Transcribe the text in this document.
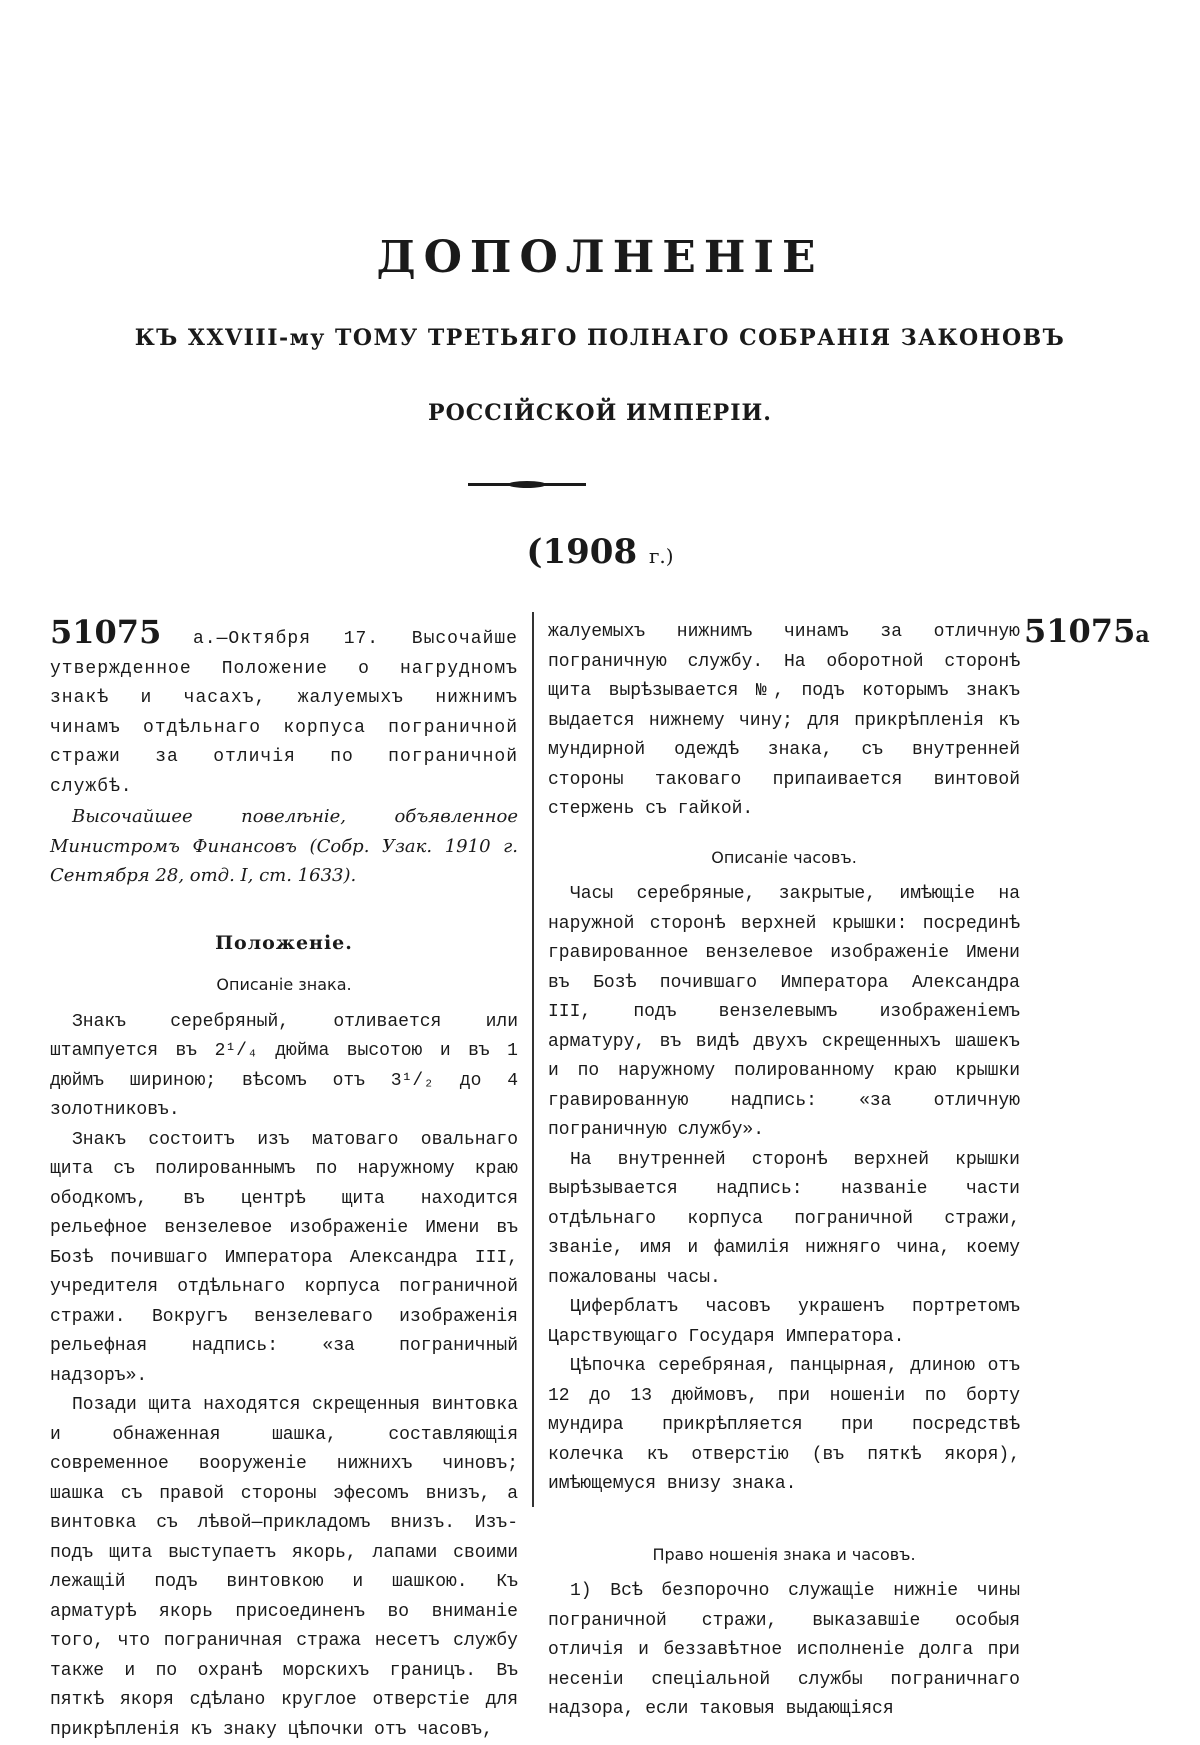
ДОПОЛНЕНІЕ
КЪ XXVIII-му ТОМУ ТРЕТЬЯГО ПОЛНАГО СОБРАНІЯ ЗАКОНОВЪ
РОССІЙСКОЙ ИМПЕРІИ.
(1908 г.)
51075а

51075 а.—Октября 17. Высочайше утвержденное Положение о нагрудномъ знакѣ и часахъ, жалуемыхъ нижнимъ чинамъ отдѣльнаго корпуса пограничной стражи за отличія по пограничной службѣ.

Высочайшее повелѣніе, объявленное Министромъ Финансовъ (Собр. Узак. 1910 г. Сентября 28, отд. I, ст. 1633).

Положеніе.
Описаніе знака.

Знакъ серебряный, отливается или штампуется въ 2¹/₄ дюйма высотою и въ 1 дюймъ шириною; вѣсомъ отъ 3¹/₂ до 4 золотниковъ.

Знакъ состоитъ изъ матоваго овальнаго щита съ полированнымъ по наружному краю ободкомъ, въ центрѣ щита находится рельефное вензелевое изображеніе Имени въ Бозѣ почившаго Императора Александра III, учредителя отдѣльнаго корпуса пограничной стражи. Вокругъ вензелеваго изображенія рельефная надпись: «за пограничный надзоръ».

Позади щита находятся скрещенныя винтовка и обнаженная шашка, составляющія современное вооруженіе нижнихъ чиновъ; шашка съ правой стороны эфесомъ внизъ, а винтовка съ лѣвой—прикладомъ внизъ. Изъ-подъ щита выступаетъ якорь, лапами своими лежащій подъ винтовкою и шашкою. Къ арматурѣ якорь присоединенъ во вниманіе того, что пограничная стража несетъ службу также и по охранѣ морскихъ границъ. Въ пяткѣ якоря сдѣлано круглое отверстіе для прикрѣпленія къ знаку цѣпочки отъ часовъ,

жалуемыхъ нижнимъ чинамъ за отличную пограничную службу. На оборотной сторонѣ щита вырѣзывается №, подъ которымъ знакъ выдается нижнему чину; для прикрѣпленія къ мундирной одеждѣ знака, съ внутренней стороны таковаго припаивается винтовой стержень съ гайкой.

Описаніе часовъ.

Часы серебряные, закрытые, имѣющіе на наружной сторонѣ верхней крышки: посрединѣ гравированное вензелевое изображеніе Имени въ Бозѣ почившаго Императора Александра III, подъ вензелевымъ изображеніемъ арматуру, въ видѣ двухъ скрещенныхъ шашекъ и по наружному полированному краю крышки гравированную надпись: «за отличную пограничную службу».

На внутренней сторонѣ верхней крышки вырѣзывается надпись: названіе части отдѣльнаго корпуса пограничной стражи, званіе, имя и фамилія нижняго чина, коему пожалованы часы.

Циферблатъ часовъ украшенъ портретомъ Царствующаго Государя Императора.

Цѣпочка серебряная, панцырная, длиною отъ 12 до 13 дюймовъ, при ношеніи по борту мундира прикрѣпляется при посредствѣ колечка къ отверстію (въ пяткѣ якоря), имѣющемуся внизу знака.

Право ношенія знака и часовъ.

1) Всѣ безпорочно служащіе нижніе чины пограничной стражи, выказавшіе особыя отличія и беззавѣтное исполненіе долга при несеніи спеціальной службы пограничнаго надзора, если таковыя выдающіяся
